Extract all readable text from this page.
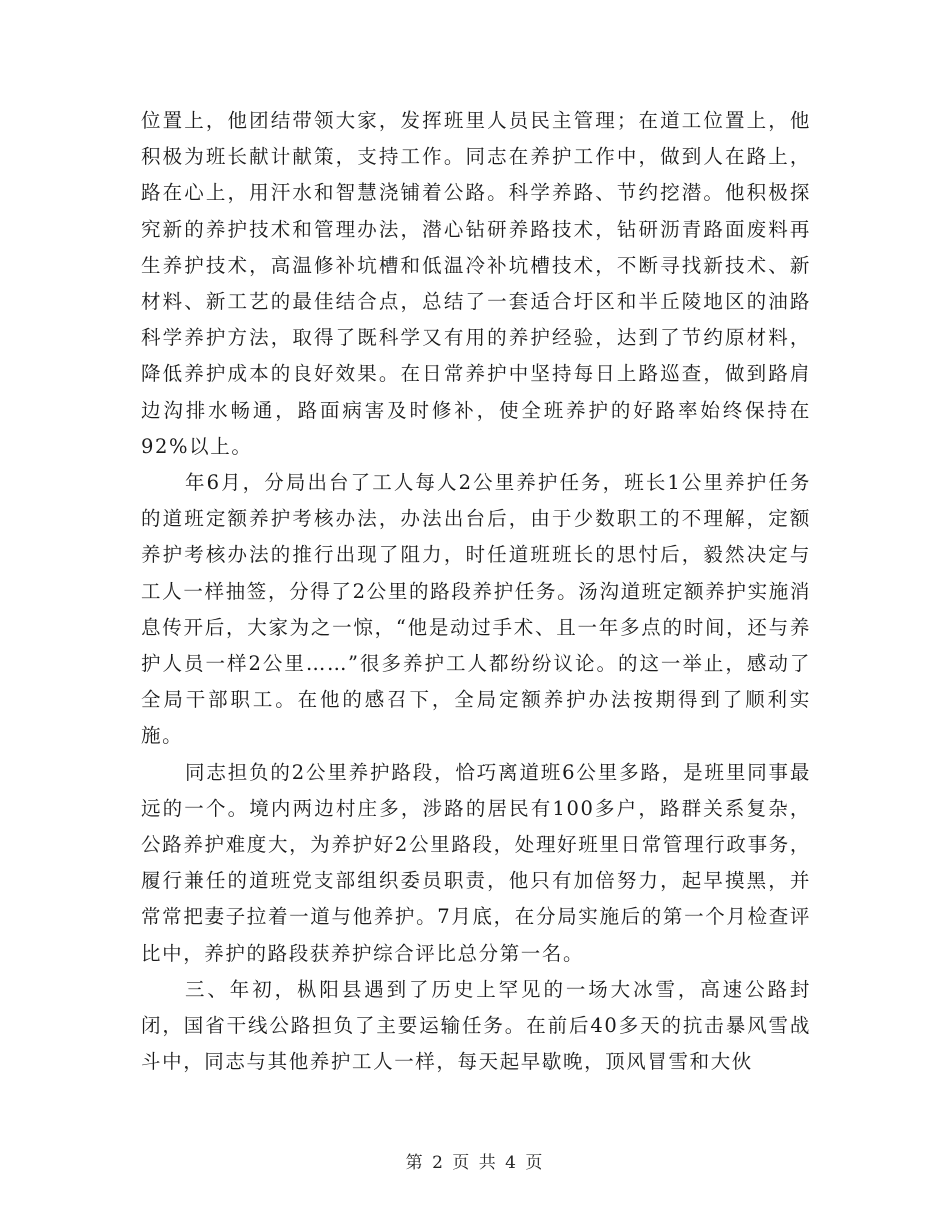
位置上，他团结带领大家，发挥班里人员民主管理；在道工位置上，他积极为班长献计献策，支持工作。同志在养护工作中，做到人在路上，路在心上，用汗水和智慧浇铺着公路。科学养路、节约挖潜。他积极探究新的养护技术和管理办法，潜心钻研养路技术，钻研沥青路面废料再生养护技术，高温修补坑槽和低温冷补坑槽技术，不断寻找新技术、新材料、新工艺的最佳结合点，总结了一套适合圩区和半丘陵地区的油路科学养护方法，取得了既科学又有用的养护经验，达到了节约原材料，降低养护成本的良好效果。在日常养护中坚持每日上路巡查，做到路肩边沟排水畅通，路面病害及时修补，使全班养护的好路率始终保持在92%以上。

年6月，分局出台了工人每人2公里养护任务，班长1公里养护任务的道班定额养护考核办法，办法出台后，由于少数职工的不理解，定额养护考核办法的推行出现了阻力，时任道班班长的思忖后，毅然决定与工人一样抽签，分得了2公里的路段养护任务。汤沟道班定额养护实施消息传开后，大家为之一惊，“他是动过手术、且一年多点的时间，还与养护人员一样2公里……”很多养护工人都纷纷议论。的这一举止，感动了全局干部职工。在他的感召下，全局定额养护办法按期得到了顺利实施。

同志担负的2公里养护路段，恰巧离道班6公里多路，是班里同事最远的一个。境内两边村庄多，涉路的居民有100多户，路群关系复杂，公路养护难度大，为养护好2公里路段，处理好班里日常管理行政事务，履行兼任的道班党支部组织委员职责，他只有加倍努力，起早摸黑，并常常把妻子拉着一道与他养护。7月底，在分局实施后的第一个月检查评比中，养护的路段获养护综合评比总分第一名。

三、年初，枞阳县遇到了历史上罕见的一场大冰雪，高速公路封闭，国省干线公路担负了主要运输任务。在前后40多天的抗击暴风雪战斗中，同志与其他养护工人一样，每天起早歇晚，顶风冒雪和大伙

第 2 页 共 4 页
